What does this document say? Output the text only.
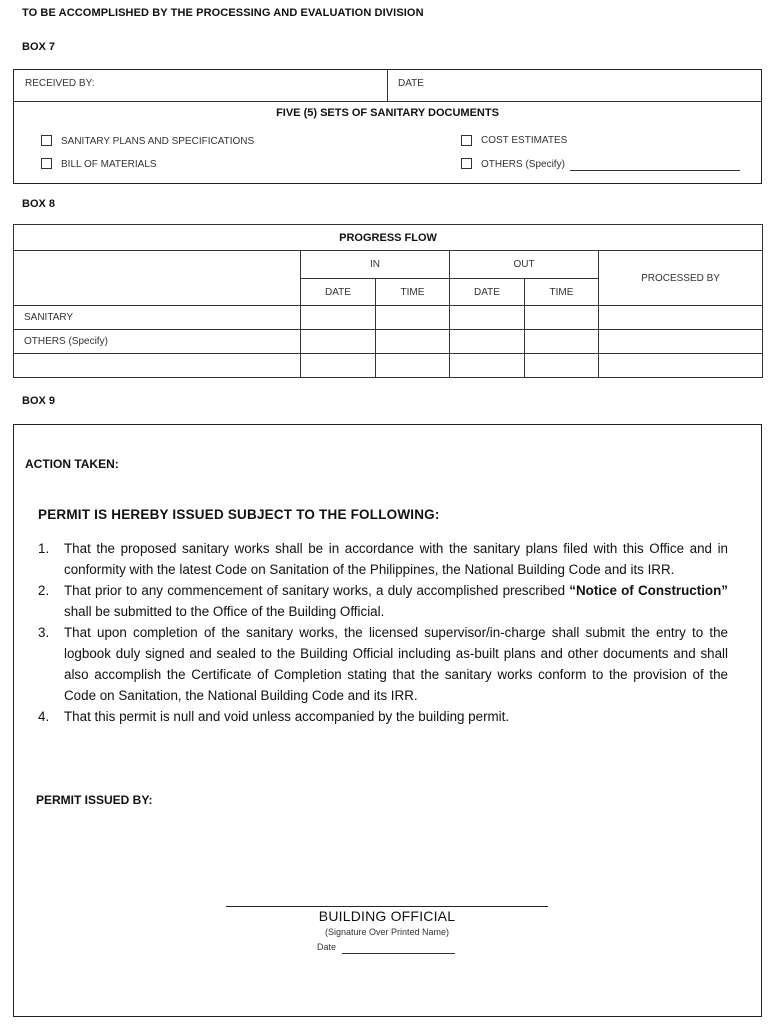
TO BE ACCOMPLISHED BY THE PROCESSING AND EVALUATION DIVISION
BOX 7
RECEIVED BY:	DATE
FIVE (5) SETS OF SANITARY DOCUMENTS
SANITARY PLANS AND SPECIFICATIONS
BILL OF MATERIALS
COST ESTIMATES
OTHERS (Specify)
BOX 8
PROGRESS FLOW					
	IN		OUT		PROCESSED BY
	DATE	TIME	DATE	TIME	
SANITARY					
OTHERS (Specify)					

BOX 9
ACTION TAKEN:
PERMIT IS HEREBY ISSUED SUBJECT TO THE FOLLOWING:
1. That the proposed sanitary works shall be in accordance with the sanitary plans filed with this Office and in conformity with the latest Code on Sanitation of the Philippines, the National Building Code and its IRR.
2. That prior to any commencement of sanitary works, a duly accomplished prescribed “Notice of Construction” shall be submitted to the Office of the Building Official.
3. That upon completion of the sanitary works, the licensed supervisor/in-charge shall submit the entry to the logbook duly signed and sealed to the Building Official including as-built plans and other documents and shall also accomplish the Certificate of Completion stating that the sanitary works conform to the provision of the Code on Sanitation, the National Building Code and its IRR.
4. That this permit is null and void unless accompanied by the building permit.
PERMIT ISSUED BY:
BUILDING OFFICIAL
(Signature Over Printed Name)
Date
